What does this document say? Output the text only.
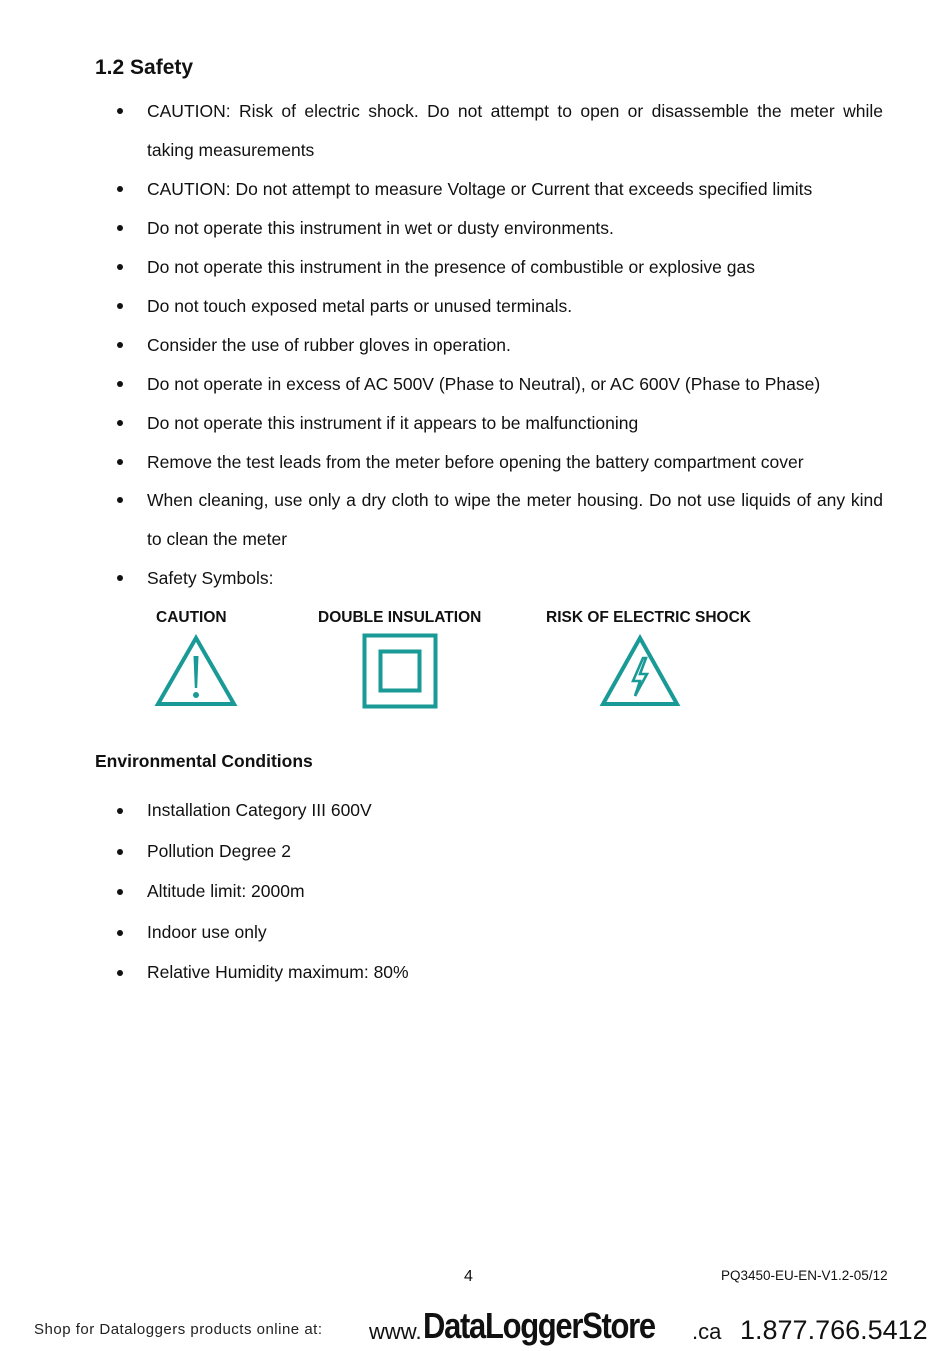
1.2 Safety
CAUTION: Risk of electric shock. Do not attempt to open or disassemble the meter while taking measurements
CAUTION: Do not attempt to measure Voltage or Current that exceeds specified limits
Do not operate this instrument in wet or dusty environments.
Do not operate this instrument in the presence of combustible or explosive gas
Do not touch exposed metal parts or unused terminals.
Consider the use of rubber gloves in operation.
Do not operate in excess of AC 500V (Phase to Neutral), or AC 600V (Phase to Phase)
Do not operate this instrument if it appears to be malfunctioning
Remove the test leads from the meter before opening the battery compartment cover
When cleaning, use only a dry cloth to wipe the meter housing. Do not use liquids of any kind to clean the meter
Safety Symbols:
CAUTION	DOUBLE INSULATION	RISK OF ELECTRIC SHOCK
Environmental Conditions
Installation Category III 600V
Pollution Degree 2
Altitude limit: 2000m
Indoor use only
Relative Humidity maximum: 80%
4	PQ3450-EU-EN-V1.2-05/12
Shop for Dataloggers products online at: www. DataLoggerStore .ca 1.877.766.5412
